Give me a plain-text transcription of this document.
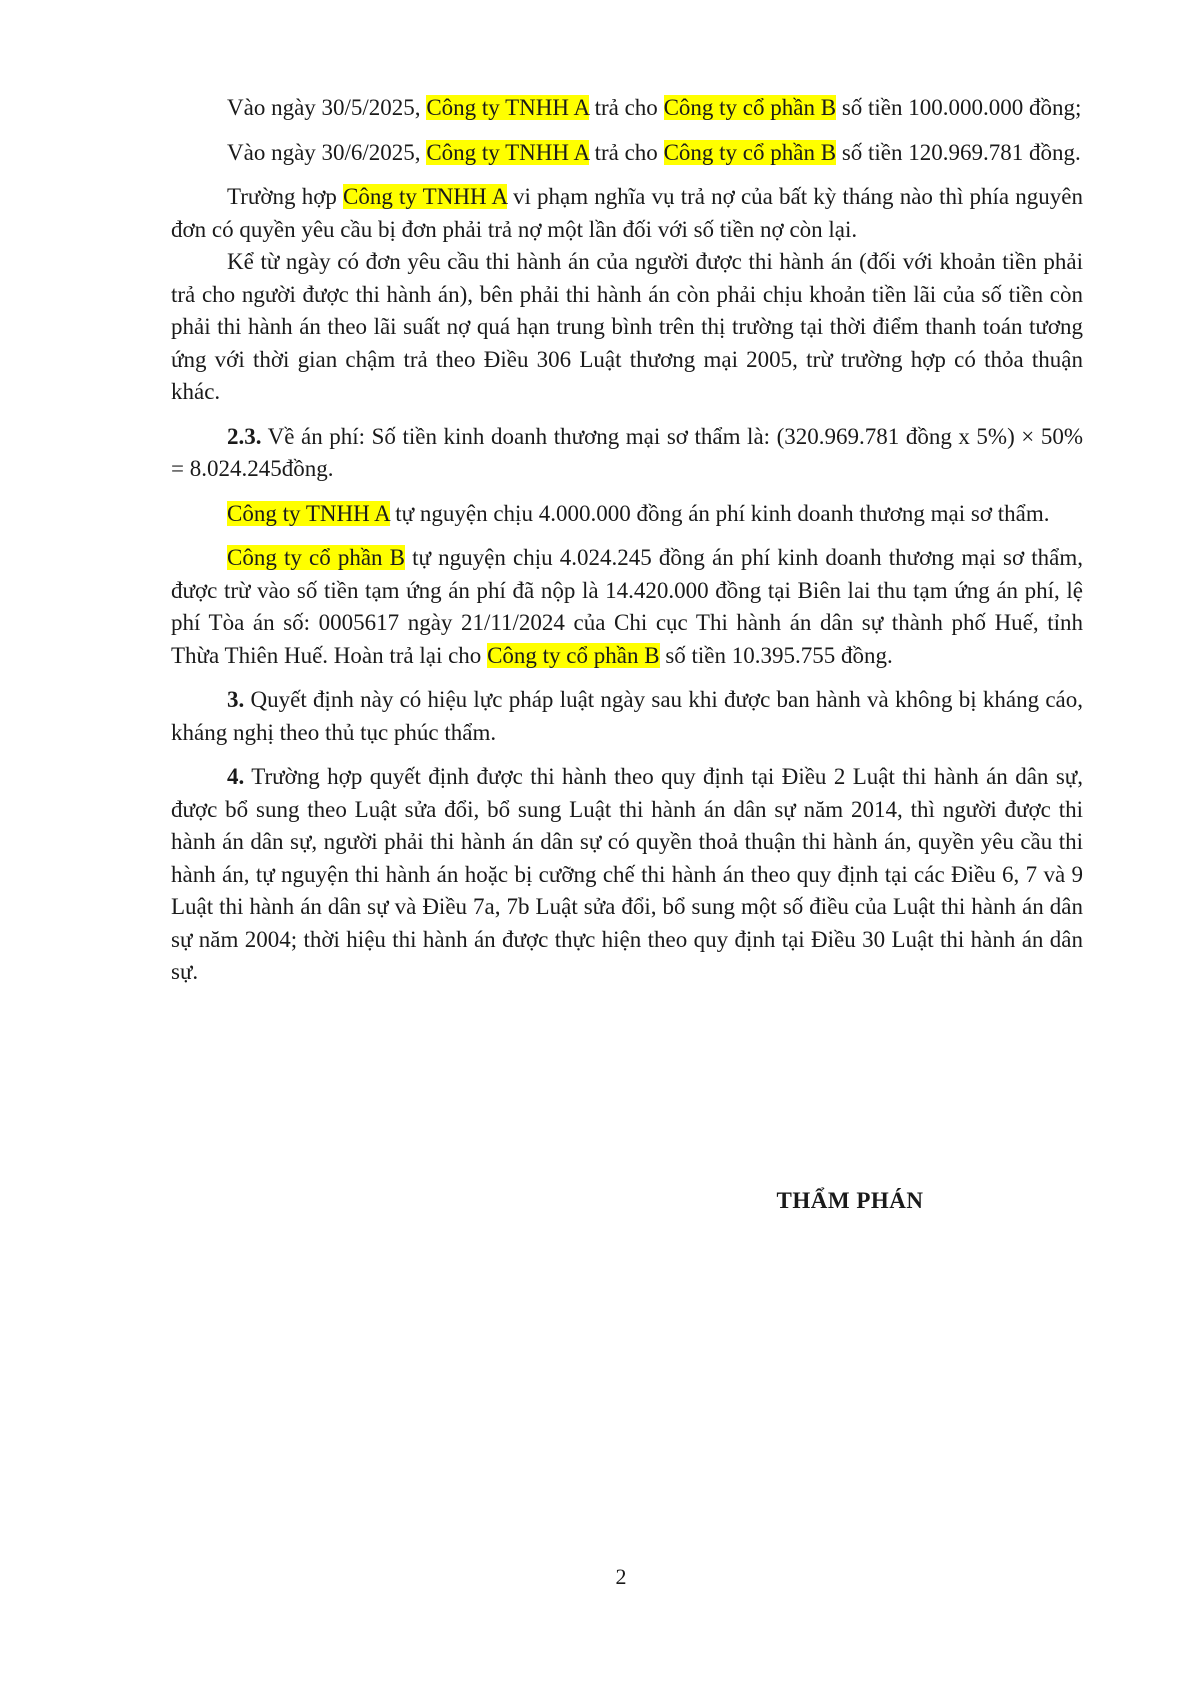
Vào ngày 30/5/2025, Công ty TNHH A trả cho Công ty cổ phần B số tiền 100.000.000 đồng;

Vào ngày 30/6/2025, Công ty TNHH A trả cho Công ty cổ phần B số tiền 120.969.781 đồng.

Trường hợp Công ty TNHH A vi phạm nghĩa vụ trả nợ của bất kỳ tháng nào thì phía nguyên đơn có quyền yêu cầu bị đơn phải trả nợ một lần đối với số tiền nợ còn lại.

Kể từ ngày có đơn yêu cầu thi hành án của người được thi hành án (đối với khoản tiền phải trả cho người được thi hành án), bên phải thi hành án còn phải chịu khoản tiền lãi của số tiền còn phải thi hành án theo lãi suất nợ quá hạn trung bình trên thị trường tại thời điểm thanh toán tương ứng với thời gian chậm trả theo Điều 306 Luật thương mại 2005, trừ trường hợp có thỏa thuận khác.

2.3. Về án phí: Số tiền kinh doanh thương mại sơ thẩm là: (320.969.781 đồng x 5%) × 50% = 8.024.245đồng.

Công ty TNHH A tự nguyện chịu 4.000.000 đồng án phí kinh doanh thương mại sơ thẩm.

Công ty cổ phần B tự nguyện chịu 4.024.245 đồng án phí kinh doanh thương mại sơ thẩm, được trừ vào số tiền tạm ứng án phí đã nộp là 14.420.000 đồng tại Biên lai thu tạm ứng án phí, lệ phí Tòa án số: 0005617 ngày 21/11/2024 của Chi cục Thi hành án dân sự thành phố Huế, tỉnh Thừa Thiên Huế. Hoàn trả lại cho Công ty cổ phần B số tiền 10.395.755 đồng.

3. Quyết định này có hiệu lực pháp luật ngày sau khi được ban hành và không bị kháng cáo, kháng nghị theo thủ tục phúc thẩm.

4. Trường hợp quyết định được thi hành theo quy định tại Điều 2 Luật thi hành án dân sự, được bổ sung theo Luật sửa đổi, bổ sung Luật thi hành án dân sự năm 2014, thì người được thi hành án dân sự, người phải thi hành án dân sự có quyền thoả thuận thi hành án, quyền yêu cầu thi hành án, tự nguyện thi hành án hoặc bị cưỡng chế thi hành án theo quy định tại các Điều 6, 7 và 9 Luật thi hành án dân sự và Điều 7a, 7b Luật sửa đổi, bổ sung một số điều của Luật thi hành án dân sự năm 2004; thời hiệu thi hành án được thực hiện theo quy định tại Điều 30 Luật thi hành án dân sự.

THẨM PHÁN
2
